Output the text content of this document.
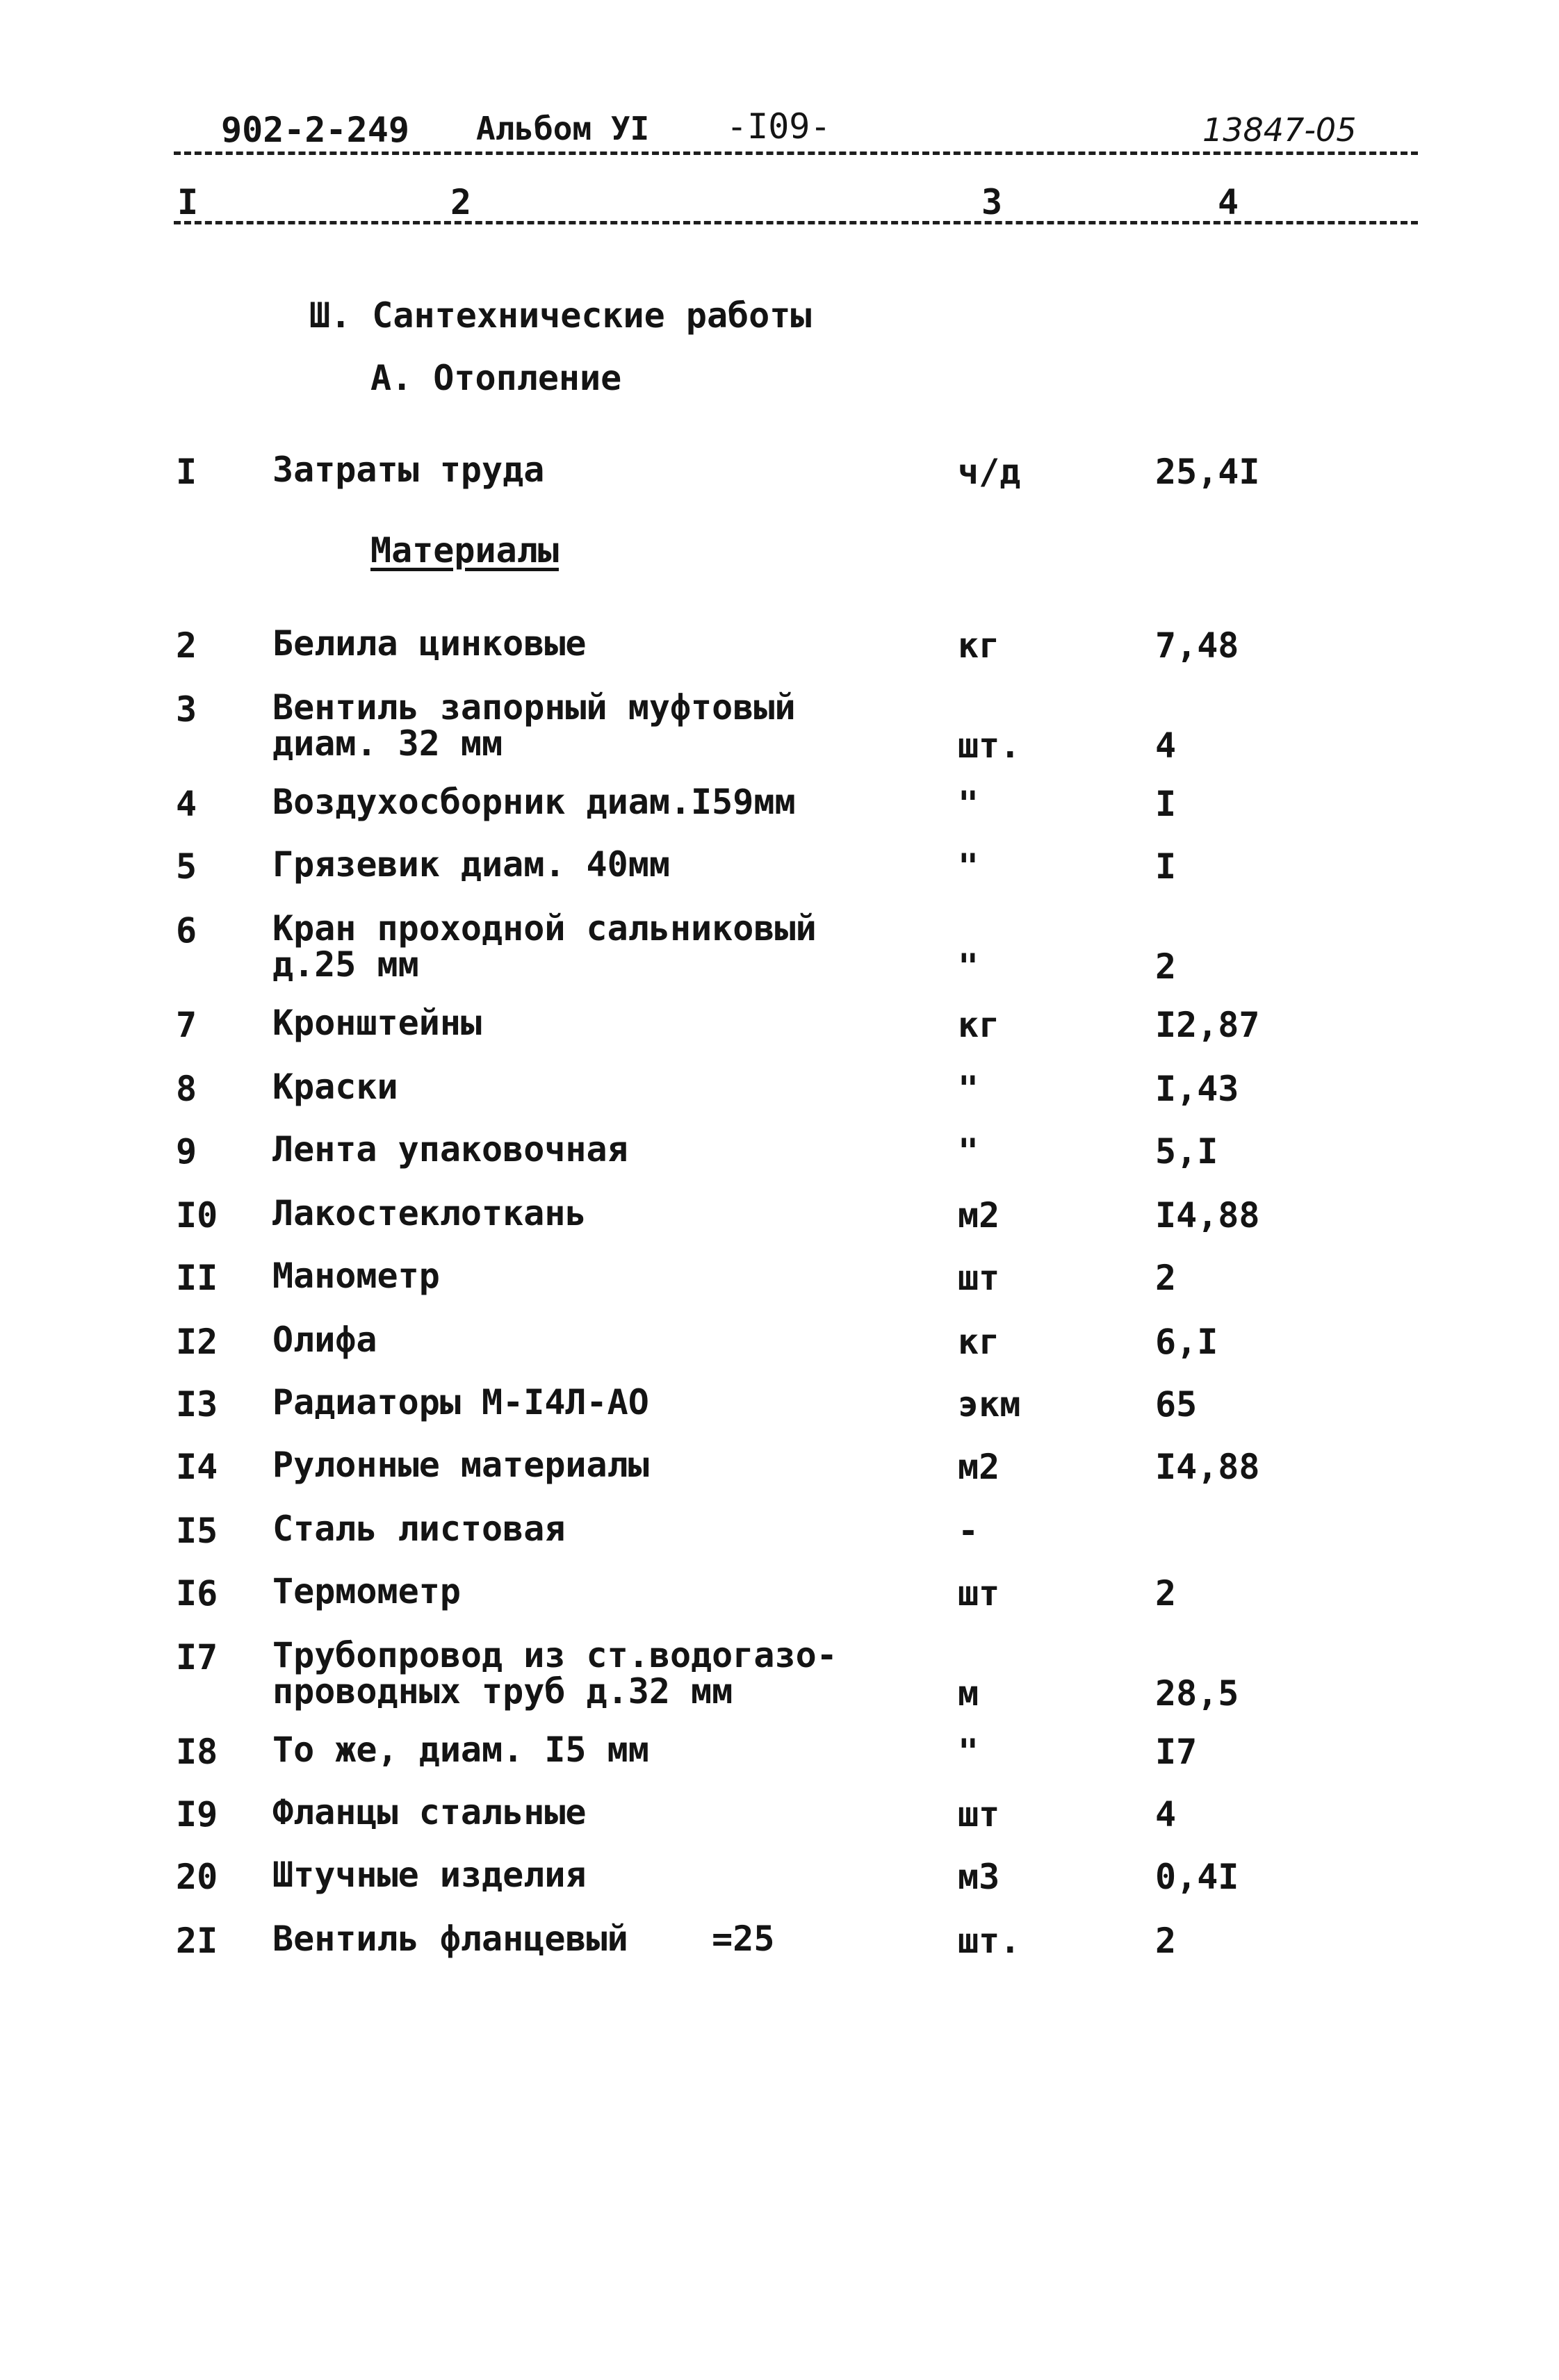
902-2-249 Альбом УI -I09-	13847-05
I	2	3	4
Ш. Сантехнические работы
А. Отопление
I Затраты труда	ч/д	25,4I
Материалы
2 Белила цинковые	кг	7,48
3 Вентиль запорный муфтовый
диам. 32 мм	шт.	4
4 Воздухосборник диам.I59мм	"	I
5 Грязевик диам. 40мм	"	I
6 Кран проходной сальниковый
д.25 мм	"	2
7 Кронштейны	кг	I2,87
8 Краски	"	I,43
9 Лента упаковочная	"	5,I
I0 Лакостеклоткань	м2	I4,88
II Манометр	шт	2
I2 Олифа	кг	6,I
I3 Радиаторы М-I4Л-АО	экм	65
I4 Рулонные материалы	м2	I4,88
I5 Сталь листовая	-
I6 Термометр	шт	2
I7 Трубопровод из ст.водогазо-
проводных труб д.32 мм	м	28,5
I8 То же, диам. I5 мм	"	I7
I9 Фланцы стальные	шт	4
20 Штучные изделия	м3	0,4I
2I Вентиль фланцевый    =25	шт.	2
